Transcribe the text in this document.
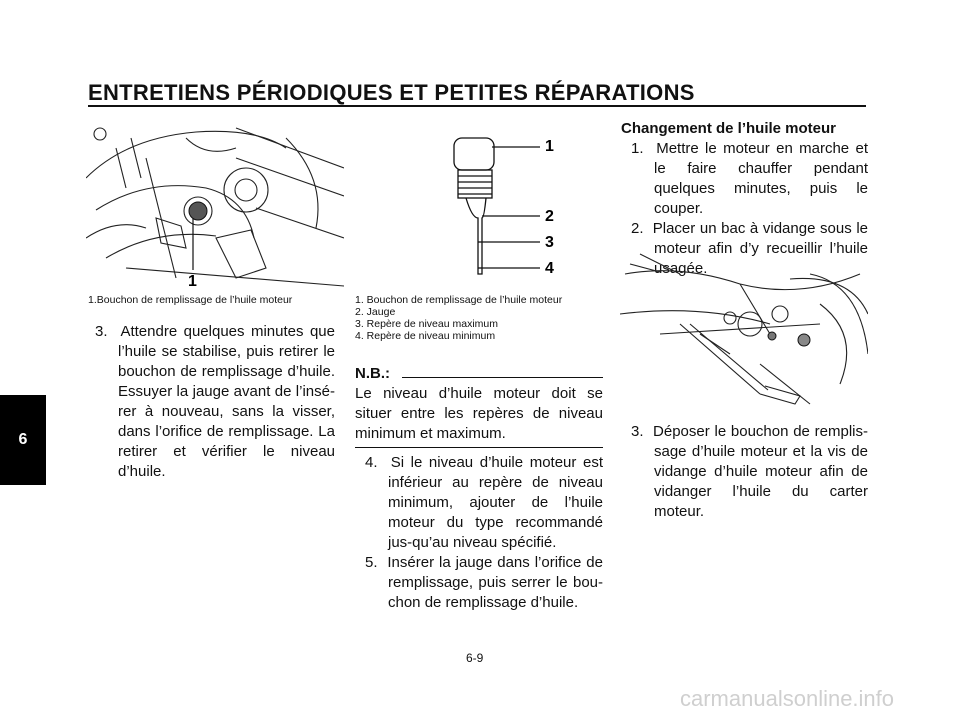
ENTRETIENS PÉRIODIQUES ET PETITES RÉPARATIONS
6
1
1.Bouchon de remplissage de l’huile moteur
1
2
3
4
1. Bouchon de remplissage de l’huile moteur
2. Jauge
3. Repère de niveau maximum
4. Repère de niveau minimum

3. Attendre quelques minutes que l’huile se stabilise, puis retirer le bouchon de remplissage d’huile. Essuyer la jauge avant de l’insé-rer à nouveau, sans la visser, dans l’orifice de remplissage. La retirer et vérifier le niveau d’huile.

N.B.:

Le niveau d’huile moteur doit se situer entre les repères de niveau minimum et maximum.

4. Si le niveau d’huile moteur est inférieur au repère de niveau minimum, ajouter de l’huile moteur du type recommandé jus-qu’au niveau spécifié.

5. Insérer la jauge dans l’orifice de remplissage, puis serrer le bou-chon de remplissage d’huile.

Changement de l’huile moteur

1. Mettre le moteur en marche et le faire chauffer pendant quelques minutes, puis le couper.

2. Placer un bac à vidange sous le moteur afin d’y recueillir l’huile usagée.

3. Déposer le bouchon de remplis-sage d’huile moteur et la vis de vidange d’huile moteur afin de vidanger l’huile du carter moteur.

6-9
carmanualsonline.info
